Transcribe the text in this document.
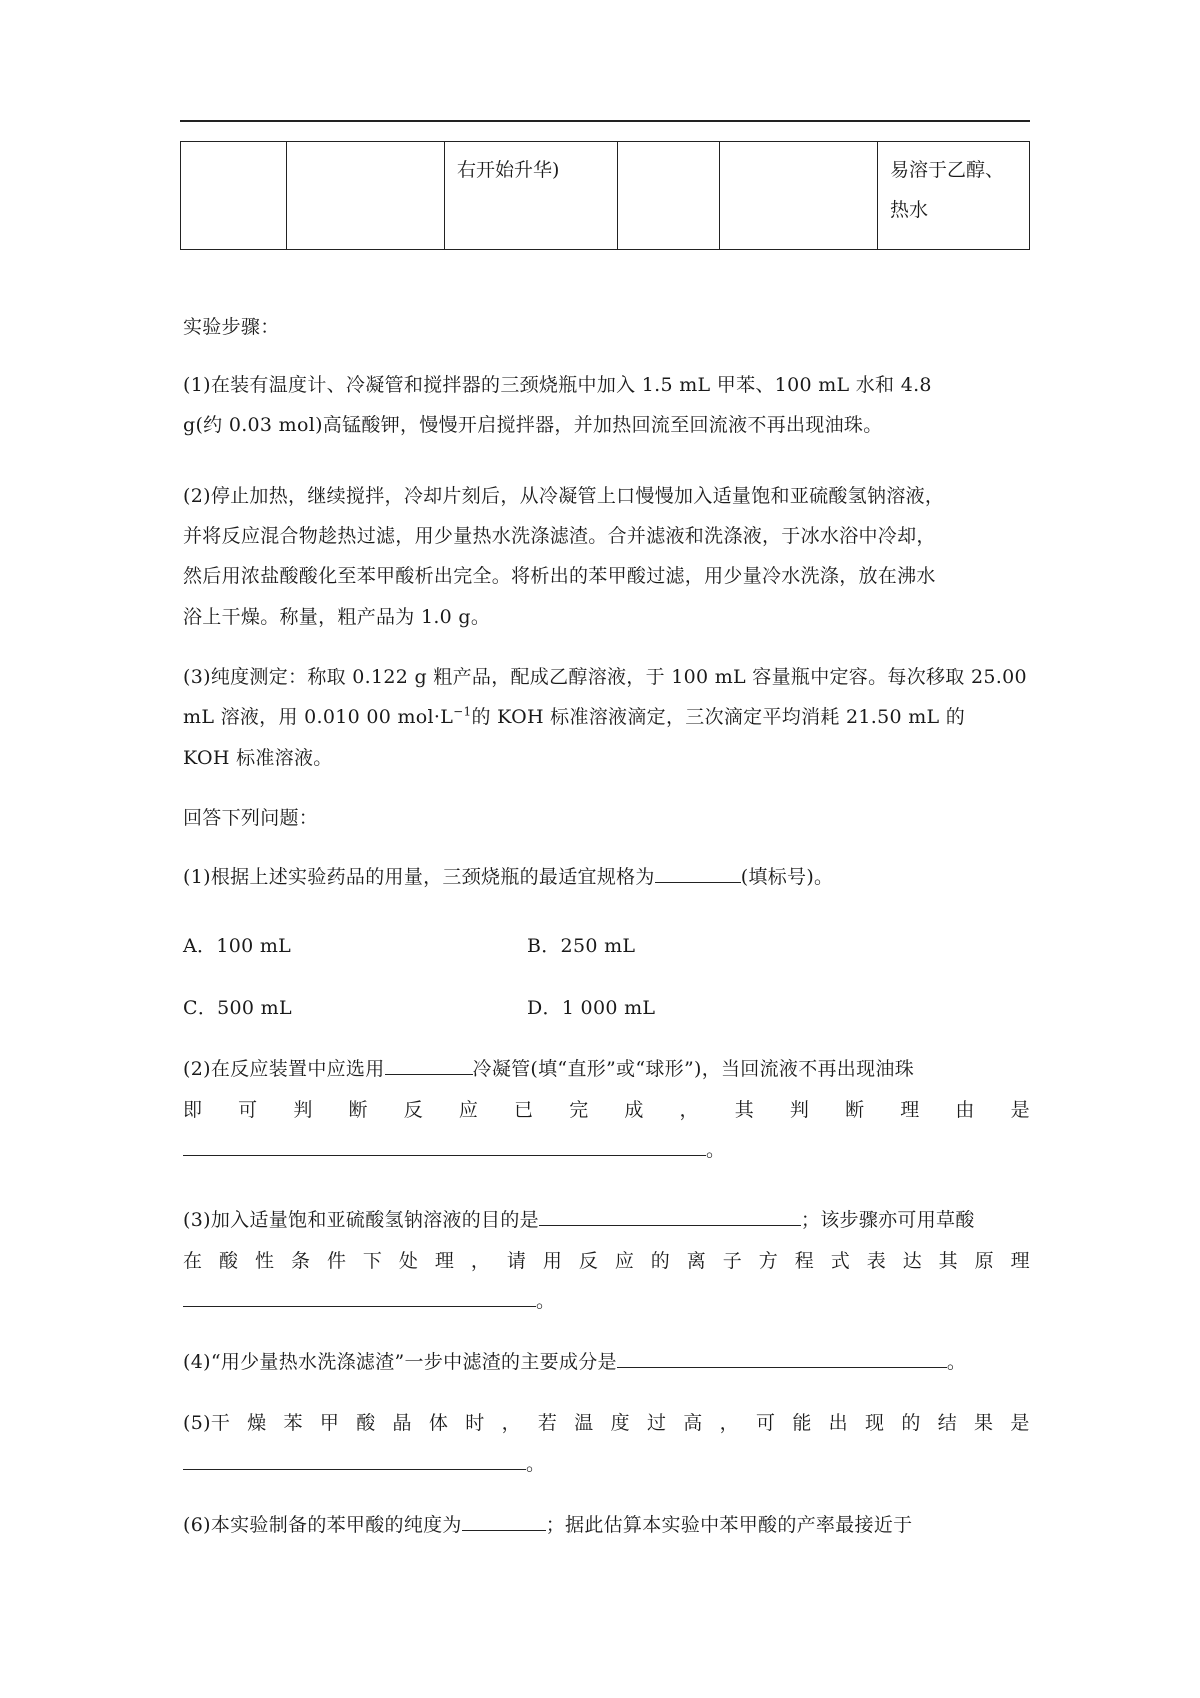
		右开始升华)			易溶于乙醇、
热水
实验步骤：
(1)在装有温度计、冷凝管和搅拌器的三颈烧瓶中加入 1.5 mL 甲苯、100 mL 水和 4.8
g(约 0.03 mol)高锰酸钾，慢慢开启搅拌器，并加热回流至回流液不再出现油珠。
(2)停止加热，继续搅拌，冷却片刻后，从冷凝管上口慢慢加入适量饱和亚硫酸氢钠溶液，
并将反应混合物趁热过滤，用少量热水洗涤滤渣。合并滤液和洗涤液，于冰水浴中冷却，
然后用浓盐酸酸化至苯甲酸析出完全。将析出的苯甲酸过滤，用少量冷水洗涤，放在沸水
浴上干燥。称量，粗产品为 1.0 g。
(3)纯度测定：称取 0.122 g 粗产品，配成乙醇溶液，于 100 mL 容量瓶中定容。每次移取 25.00
mL 溶液，用 0.010 00 $mol\cdot L^{-1}$的 KOH 标准溶液滴定，三次滴定平均消耗 21.50 mL 的
KOH 标准溶液。
回答下列问题：
(1)根据上述实验药品的用量，三颈烧瓶的最适宜规格为	(填标号)。
A．100 mL	B．250 mL
C．500 mL	D．1 000 mL
(2)在反应装置中应选用	冷凝管(填“直形”或“球形”)，当回流液不再出现油珠
即 可 判 断 反 应 已 完 成 ， 其 判 断 理 由 是
。
(3)加入适量饱和亚硫酸氢钠溶液的目的是	；该步骤亦可用草酸
在 酸 性 条 件 下 处 理 ， 请 用 反 应 的 离 子 方 程 式 表 达 其 原 理
。
(4)“用少量热水洗涤滤渣”一步中滤渣的主要成分是	。
(5)干 燥 苯 甲 酸 晶 体 时 ， 若 温 度 过 高 ， 可 能 出 现 的 结 果 是
。
(6)本实验制备的苯甲酸的纯度为	；据此估算本实验中苯甲酸的产率最接近于
